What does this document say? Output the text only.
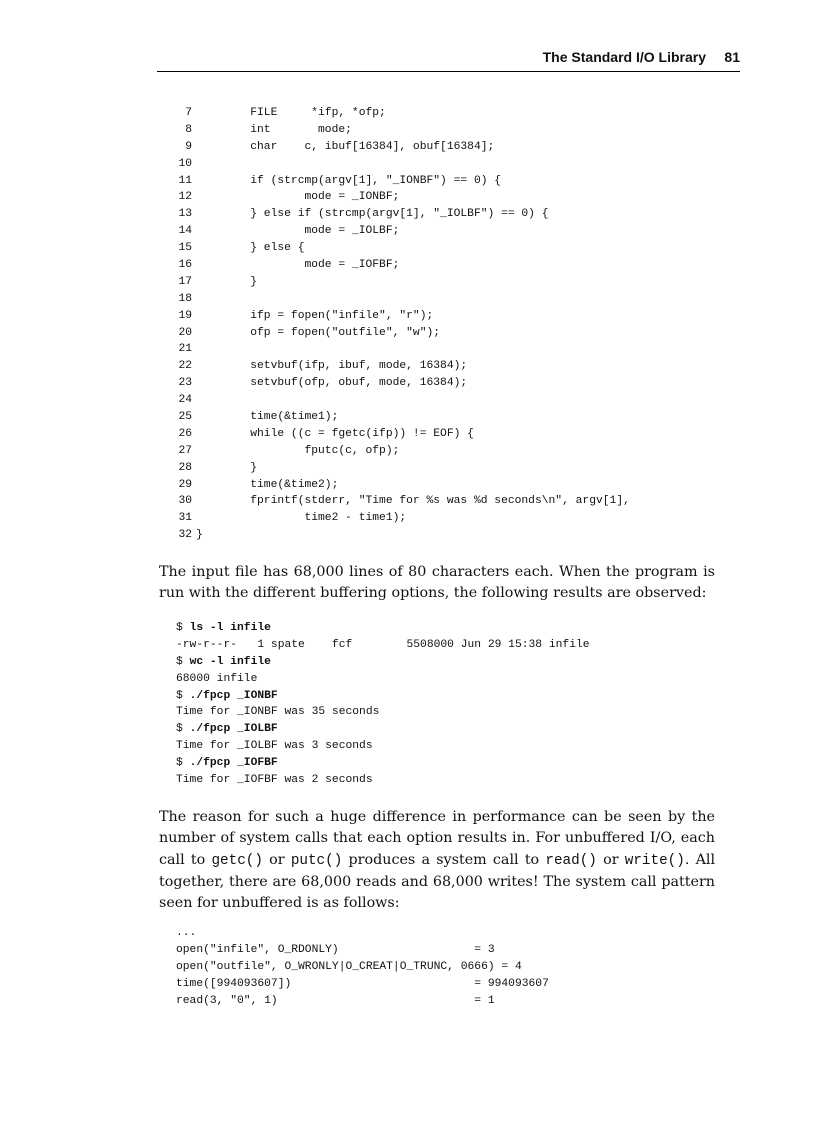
The Standard I/O Library 81
7 FILE     *ifp, *ofp;
8 int       mode;
9 char    c, ibuf[16384], obuf[16384];
10
11 if (strcmp(argv[1], "_IONBF") == 0) {
12 mode = _IONBF;
13 } else if (strcmp(argv[1], "_IOLBF") == 0) {
14 mode = _IOLBF;
15 } else {
16 mode = _IOFBF;
17 }
18
19 ifp = fopen("infile", "r");
20 ofp = fopen("outfile", "w");
21
22 setvbuf(ifp, ibuf, mode, 16384);
23 setvbuf(ofp, obuf, mode, 16384);
24
25 time(&time1);
26 while ((c = fgetc(ifp)) != EOF) {
27 fputc(c, ofp);
28 }
29 time(&time2);
30 fprintf(stderr, "Time for %s was %d seconds\n", argv[1],
31 time2 - time1);
32 }

The input file has 68,000 lines of 80 characters each. When the program is run with the different buffering options, the following results are observed:

$ ls -l infile
-rw-r--r-   1 spate    fcf        5508000 Jun 29 15:38 infile
$ wc -l infile
68000 infile
$ ./fpcp _IONBF
Time for _IONBF was 35 seconds
$ ./fpcp _IOLBF
Time for _IOLBF was 3 seconds
$ ./fpcp _IOFBF
Time for _IOFBF was 2 seconds

The reason for such a huge difference in performance can be seen by the number of system calls that each option results in. For unbuffered I/O, each call to getc() or putc() produces a system call to read() or write(). All together, there are 68,000 reads and 68,000 writes! The system call pattern seen for unbuffered is as follows:

...
open("infile", O_RDONLY)                    = 3
open("outfile", O_WRONLY|O_CREAT|O_TRUNC, 0666) = 4
time([994093607])                           = 994093607
read(3, "0", 1)                             = 1
